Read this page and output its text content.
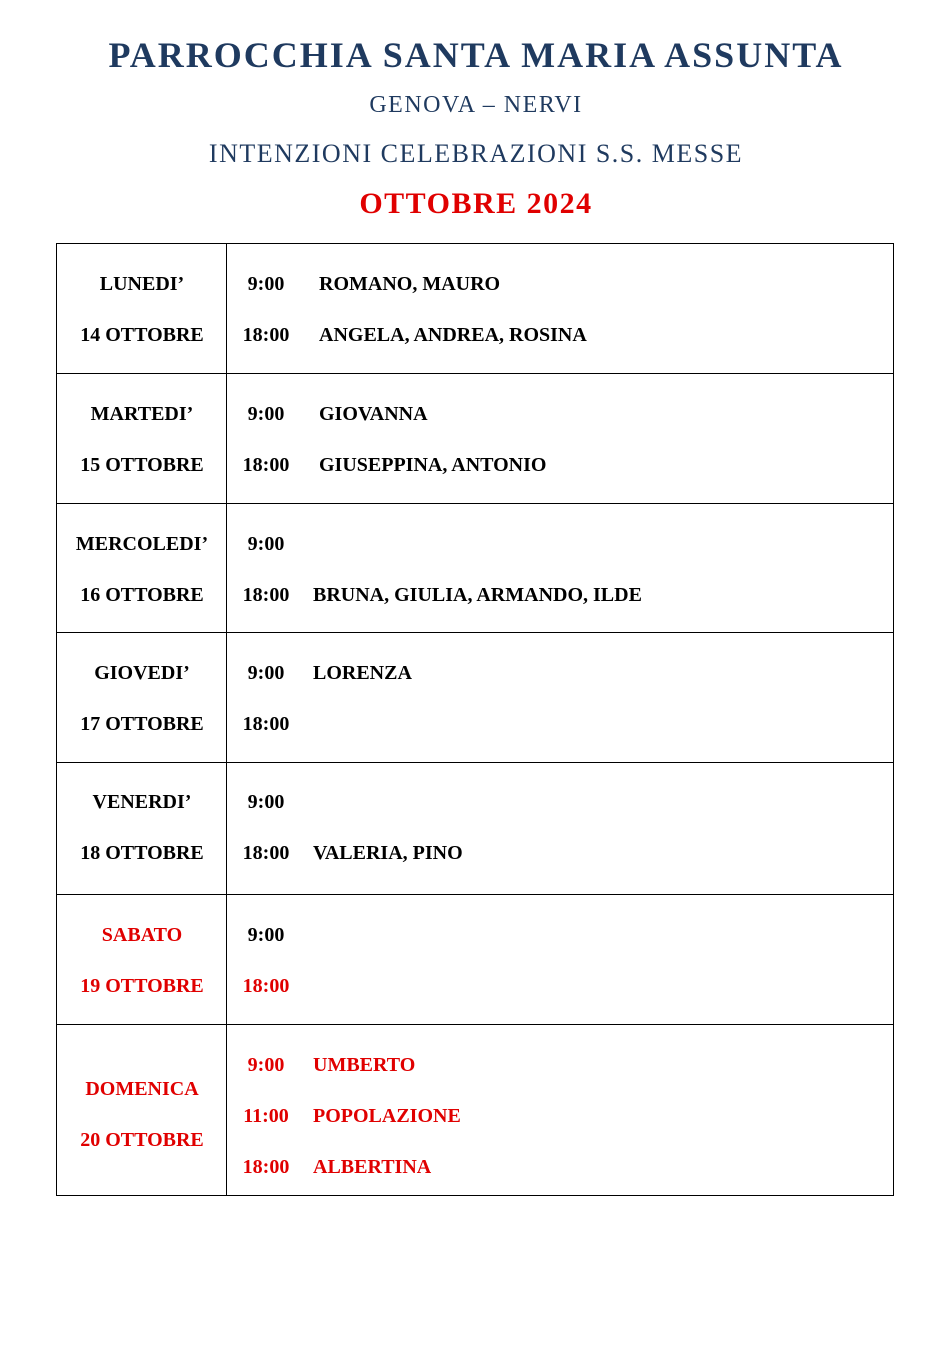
PARROCCHIA SANTA MARIA ASSUNTA
GENOVA – NERVI
INTENZIONI CELEBRAZIONI S.S. MESSE
OTTOBRE 2024
LUNEDI’
14 OTTOBRE
9:00	ROMANO, MAURO
18:00	ANGELA, ANDREA, ROSINA
MARTEDI’
15 OTTOBRE
9:00	GIOVANNA
18:00	GIUSEPPINA, ANTONIO
MERCOLEDI’
16 OTTOBRE
9:00
18:00	BRUNA, GIULIA, ARMANDO, ILDE
GIOVEDI’
17 OTTOBRE
9:00	LORENZA
18:00
VENERDI’
18 OTTOBRE
9:00
18:00	VALERIA, PINO
SABATO
19 OTTOBRE
9:00
18:00
DOMENICA
20 OTTOBRE
9:00	UMBERTO
11:00	POPOLAZIONE
18:00	ALBERTINA
